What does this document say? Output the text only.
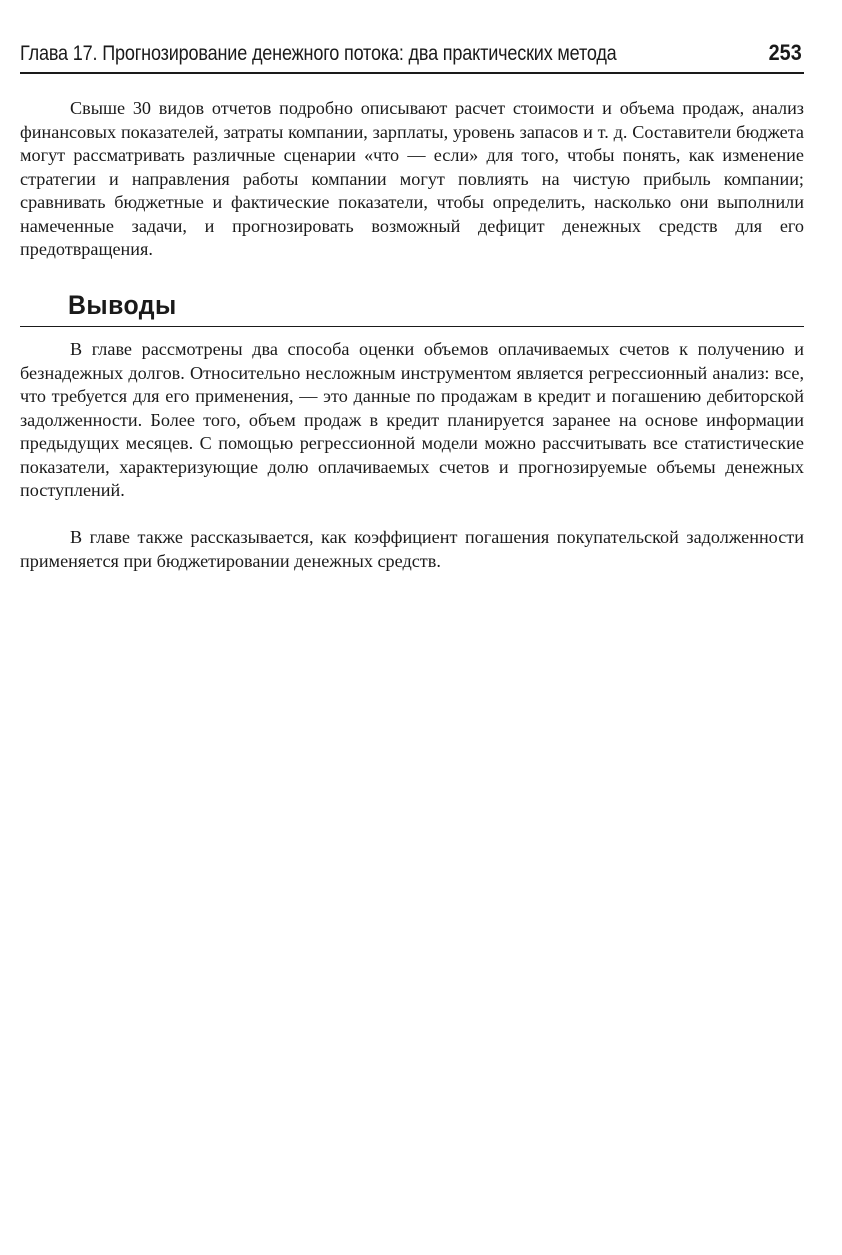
Глава 17. Прогнозирование денежного потока: два практических метода	253

Свыше 30 видов отчетов подробно описывают расчет стоимости и объема продаж, анализ финансовых показателей, затраты компании, зарплаты, уровень запасов и т. д. Составители бюджета могут рассматривать различные сценарии «что — если» для того, чтобы понять, как изменение стратегии и направления работы компании могут повлиять на чистую прибыль компании; сравнивать бюджетные и фактические показатели, чтобы определить, насколько они выполнили намеченные задачи, и прогнозировать возможный дефицит денежных средств для его предотвращения.

Выводы

В главе рассмотрены два способа оценки объемов оплачиваемых счетов к получению и безнадежных долгов. Относительно несложным инструментом является регрессионный анализ: все, что требуется для его применения, — это данные по продажам в кредит и погашению дебиторской задолженности. Более того, объем продаж в кредит планируется заранее на основе информации предыдущих месяцев. С помощью регрессионной модели можно рассчитывать все статистические показатели, характеризующие долю оплачиваемых счетов и прогнозируемые объемы денежных поступлений.

В главе также рассказывается, как коэффициент погашения покупательской задолженности применяется при бюджетировании денежных средств.
